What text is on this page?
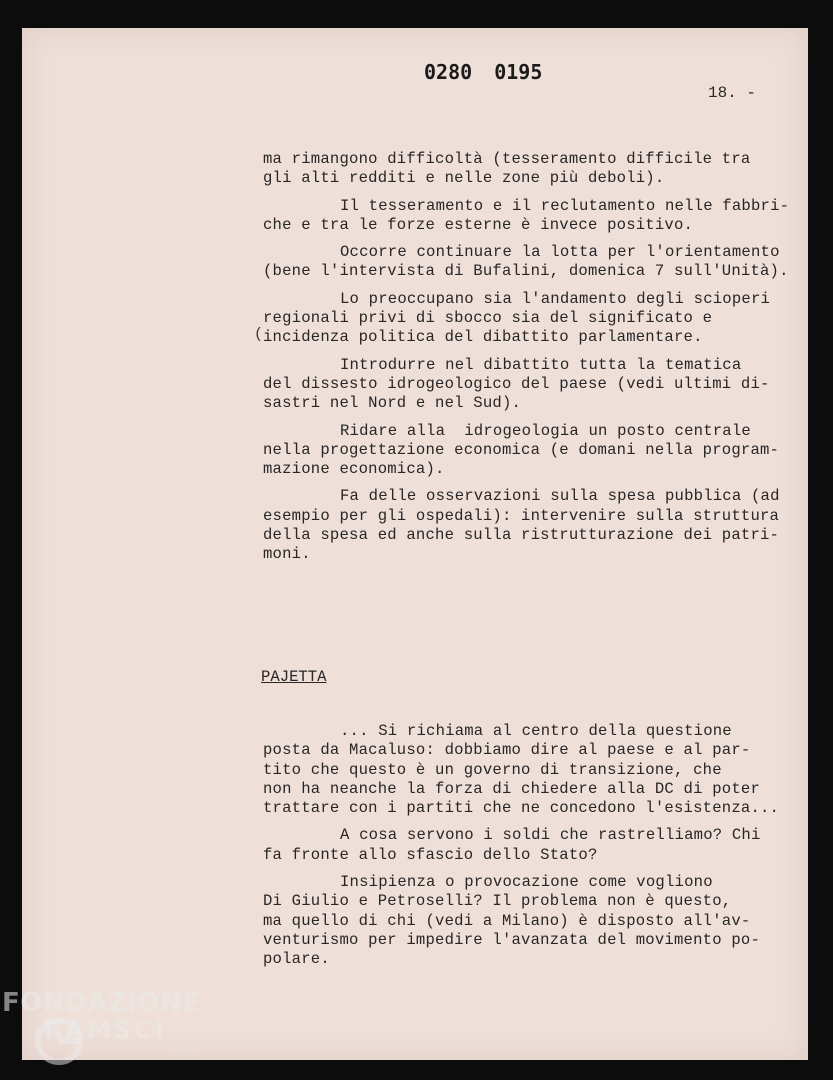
0280 0195
18. -
(
ma rimangono difficoltà (tesseramento difficile tra
gli alti redditi e nelle zone più deboli).
Il tesseramento e il reclutamento nelle fabbri-
che e tra le forze esterne è invece positivo.
Occorre continuare la lotta per l'orientamento
(bene l'intervista di Bufalini, domenica 7 sull'Unità).
Lo preoccupano sia l'andamento degli scioperi
regionali privi di sbocco sia del significato e
incidenza politica del dibattito parlamentare.
Introdurre nel dibattito tutta la tematica
del dissesto idrogeologico del paese (vedi ultimi di-
sastri nel Nord e nel Sud).
Ridare alla  idrogeologia un posto centrale
nella progettazione economica (e domani nella program-
mazione economica).
Fa delle osservazioni sulla spesa pubblica (ad
esempio per gli ospedali): intervenire sulla struttura
della spesa ed anche sulla ristrutturazione dei patri-
moni.
PAJETTA
... Si richiama al centro della questione
posta da Macaluso: dobbiamo dire al paese e al par-
tito che questo è un governo di transizione, che
non ha neanche la forza di chiedere alla DC di poter
trattare con i partiti che ne concedono l'esistenza...
A cosa servono i soldi che rastrelliamo? Chi
fa fronte allo sfascio dello Stato?
Insipienza o provocazione come vogliono
Di Giulio e Petroselli? Il problema non è questo,
ma quello di chi (vedi a Milano) è disposto all'av-
venturismo per impedire l'avanzata del movimento po-
polare.
FONDAZIONE
RAMSCI
onlus
